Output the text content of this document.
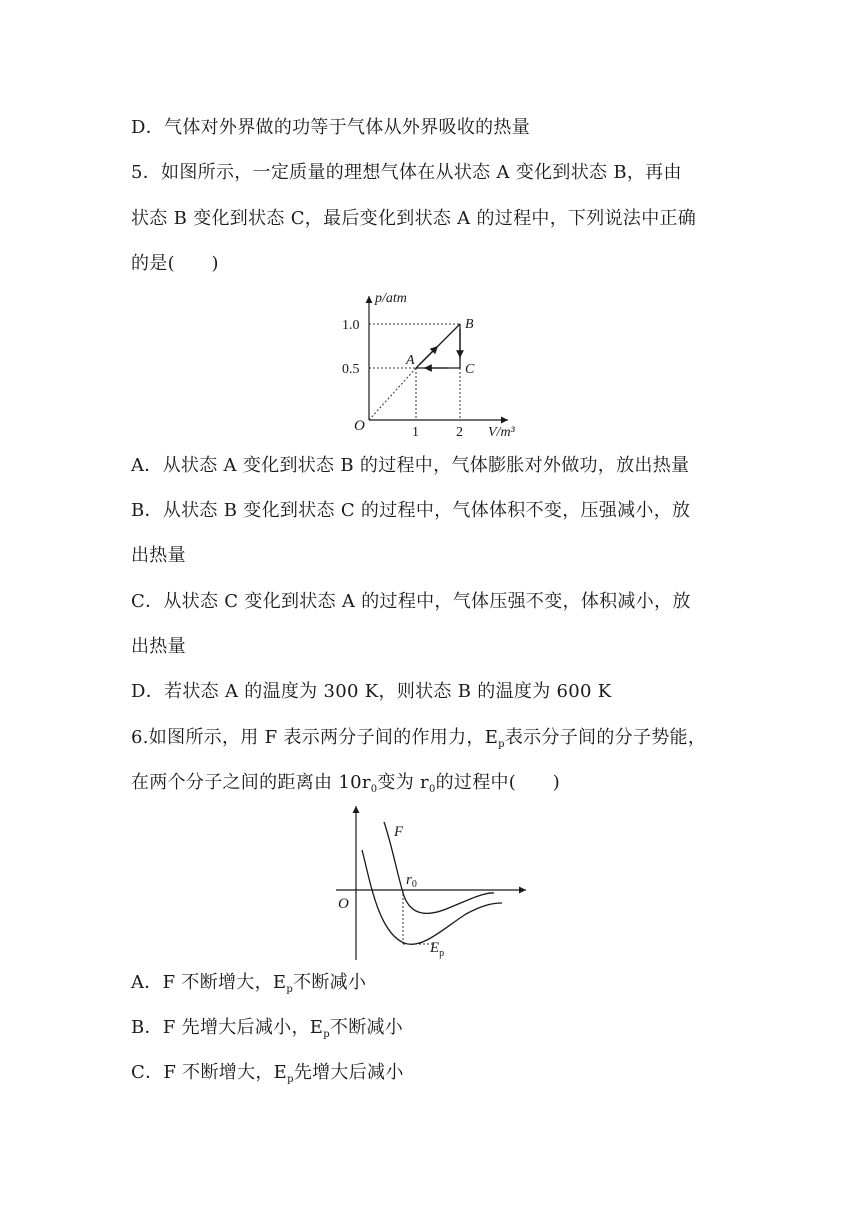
D．气体对外界做的功等于气体从外界吸收的热量
5．如图所示，一定质量的理想气体在从状态 A 变化到状态 B，再由
状态 B 变化到状态 C，最后变化到状态 A 的过程中，下列说法中正确
的是(　　)
p/atm
V/m³
O
1.0
0.5
1	2
A
B
C
A．从状态 A 变化到状态 B 的过程中，气体膨胀对外做功，放出热量
B．从状态 B 变化到状态 C 的过程中，气体体积不变，压强减小，放
出热量
C．从状态 C 变化到状态 A 的过程中，气体压强不变，体积减小，放
出热量
D．若状态 A 的温度为 300 K，则状态 B 的温度为 600 K
6.如图所示，用 F 表示两分子间的作用力，$E_p$表示分子间的分子势能，
在两个分子之间的距离由 $10r_0$变为 $r_0$的过程中(　　)
F
$r_0$
O
$E_p$
A．F 不断增大，$E_p$不断减小
B．F 先增大后减小，$E_p$不断减小
C．F 不断增大，$E_p$先增大后减小
